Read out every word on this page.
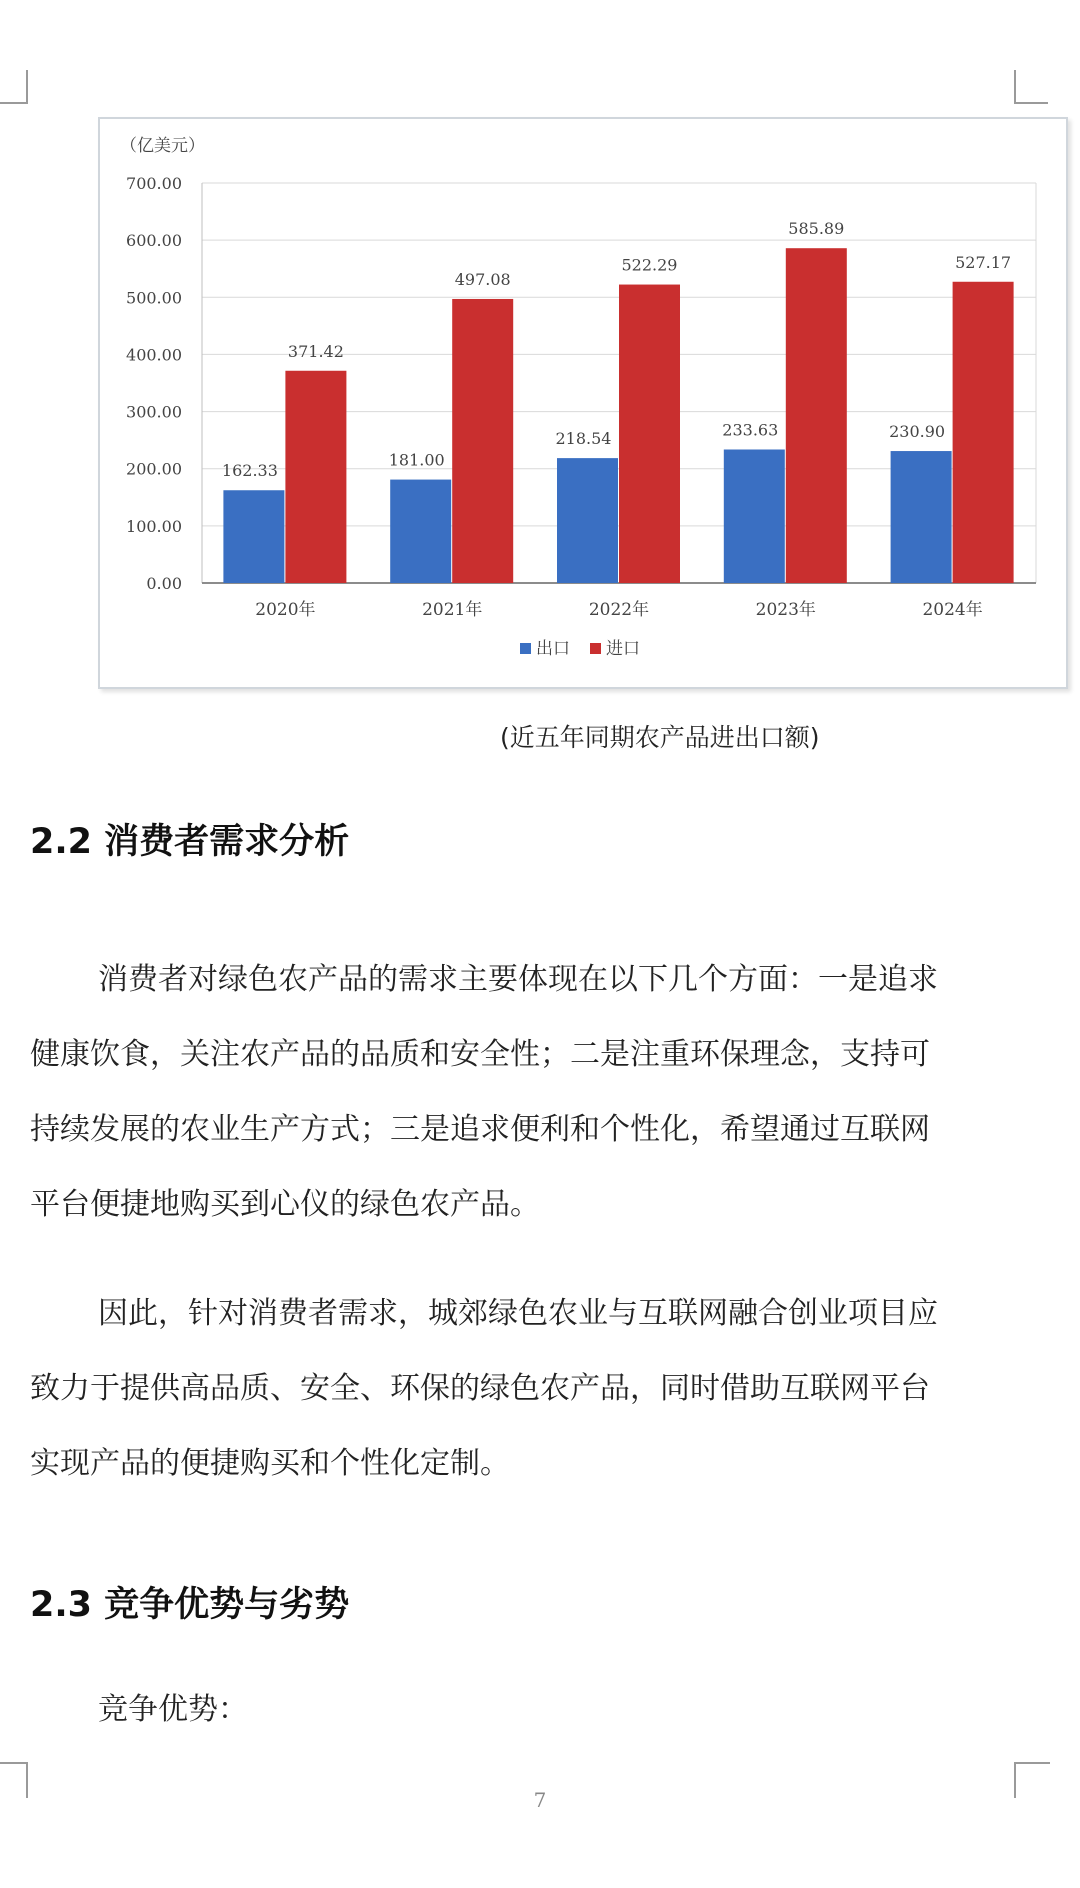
（亿美元）
0.00
100.00
200.00
300.00
400.00
500.00
600.00
700.00
162.33
371.42
2020年
181.00
497.08
2021年
218.54
522.29
2022年
233.63
585.89
2023年
230.90
527.17
2024年
出口 进口
(近五年同期农产品进出口额)
2.2 消费者需求分析
消费者对绿色农产品的需求主要体现在以下几个方面：一是追求
健康饮食，关注农产品的品质和安全性；二是注重环保理念，支持可
持续发展的农业生产方式；三是追求便利和个性化，希望通过互联网
平台便捷地购买到心仪的绿色农产品。
因此，针对消费者需求，城郊绿色农业与互联网融合创业项目应
致力于提供高品质、安全、环保的绿色农产品，同时借助互联网平台
实现产品的便捷购买和个性化定制。
2.3 竞争优势与劣势
竞争优势：
7
